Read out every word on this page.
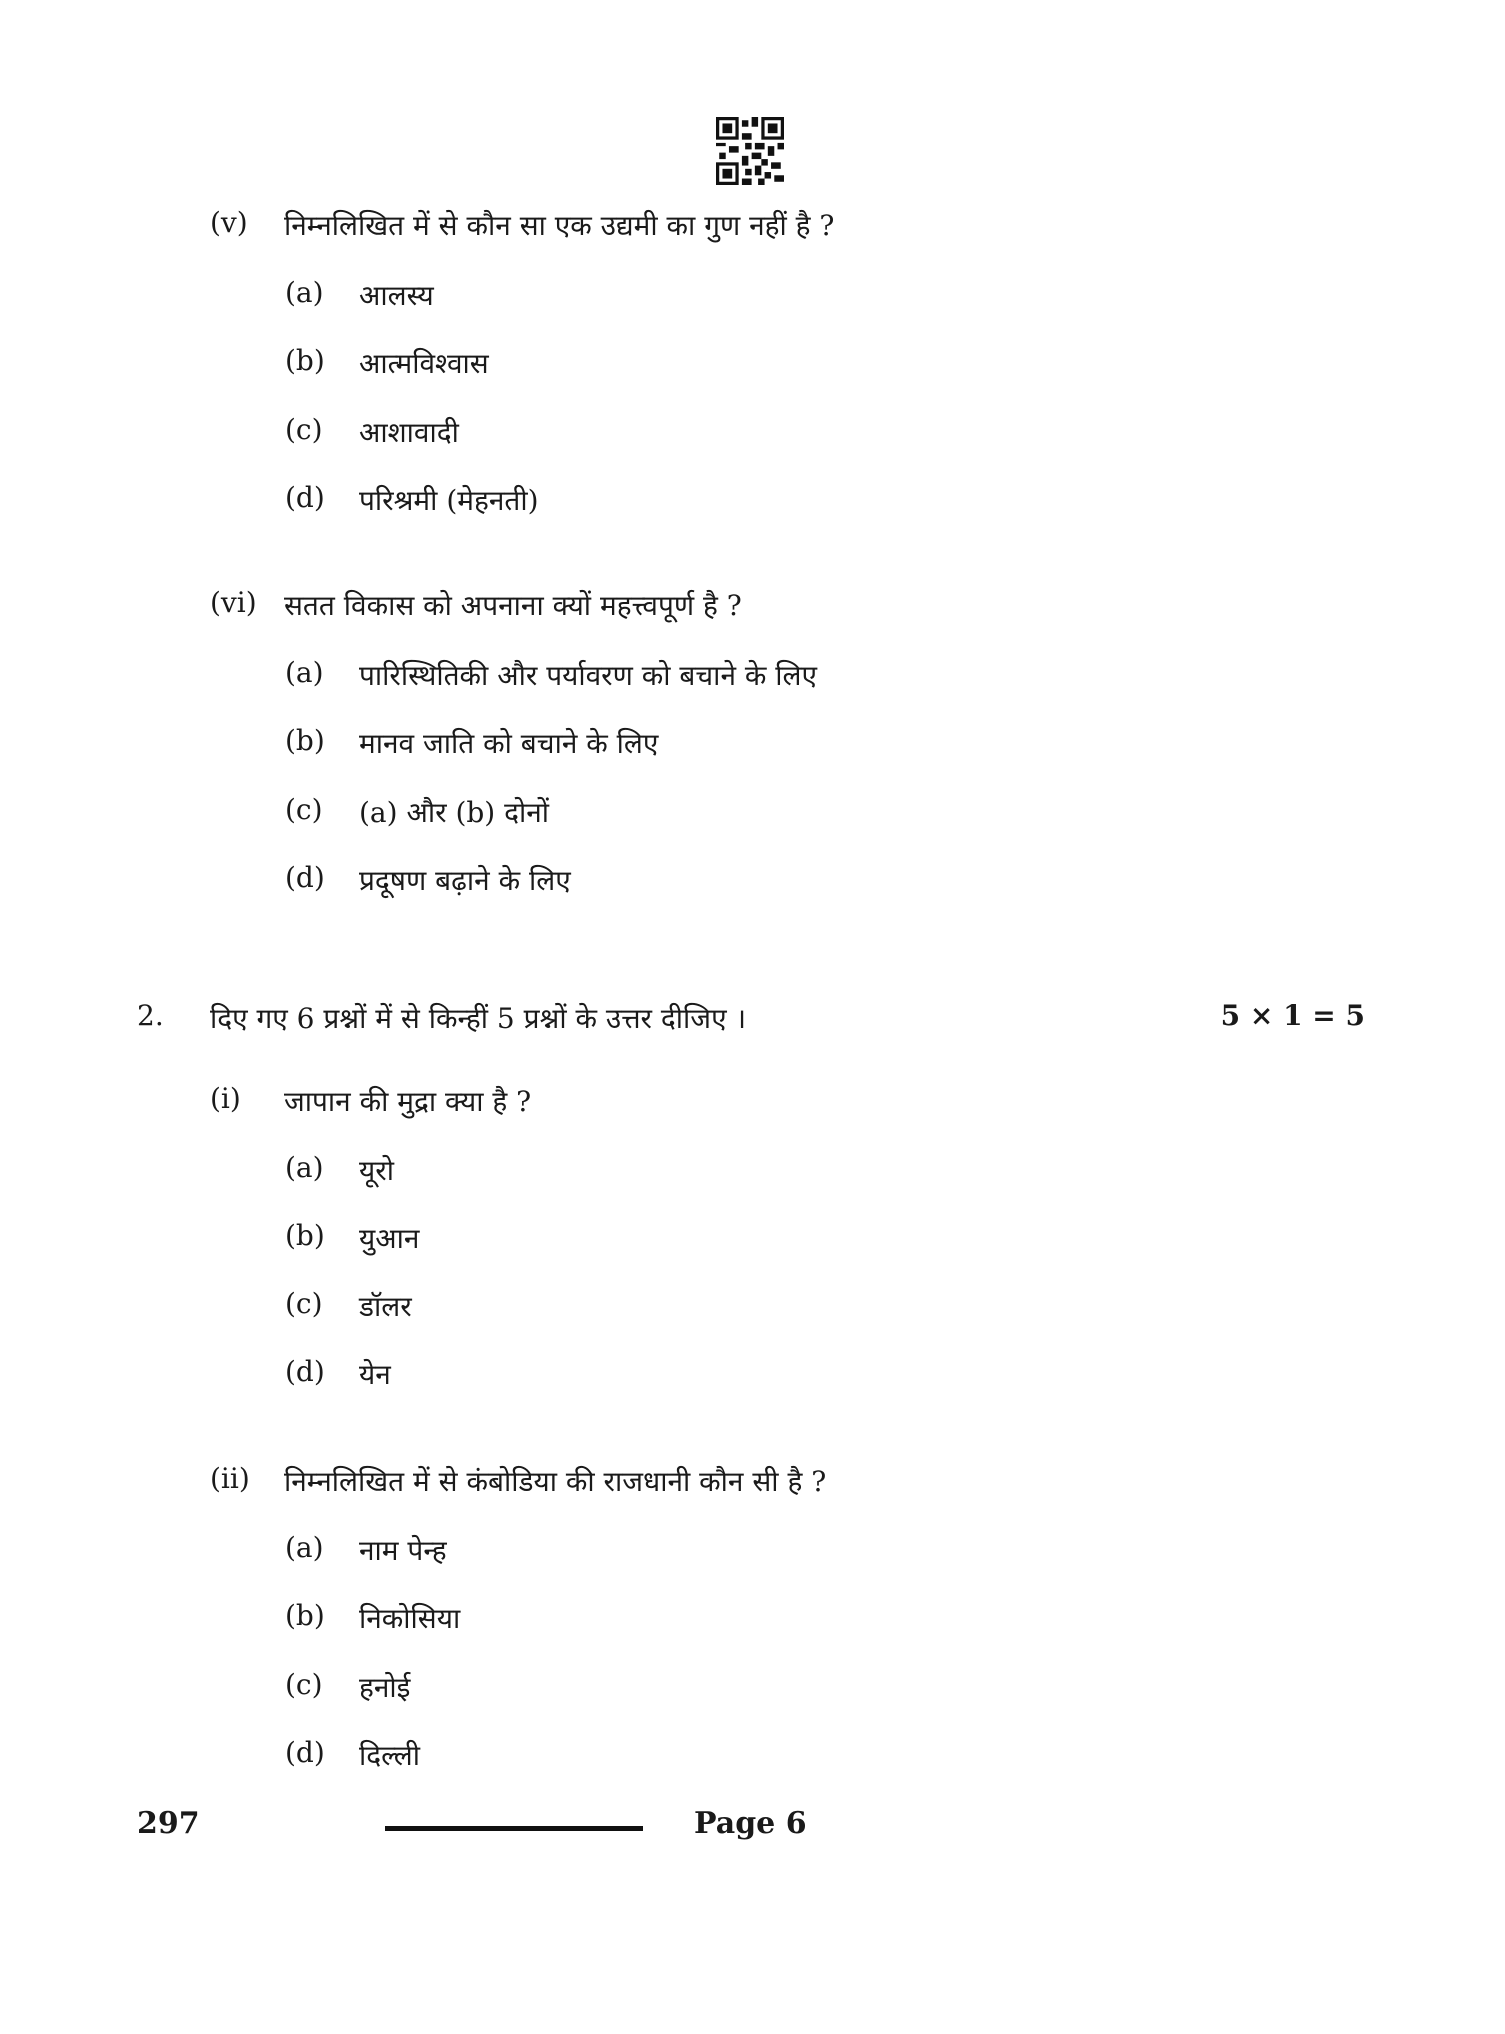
(v) निम्नलिखित में से कौन सा एक उद्यमी का गुण नहीं है ?
(a) आलस्य
(b) आत्मविश्वास
(c) आशावादी
(d) परिश्रमी (मेहनती)
(vi) सतत विकास को अपनाना क्यों महत्त्वपूर्ण है ?
(a) पारिस्थितिकी और पर्यावरण को बचाने के लिए
(b) मानव जाति को बचाने के लिए
(c) (a) और (b) दोनों
(d) प्रदूषण बढ़ाने के लिए
2. दिए गए 6 प्रश्नों में से किन्हीं 5 प्रश्नों के उत्तर दीजिए ।	5 × 1 = 5
(i) जापान की मुद्रा क्या है ?
(a) यूरो
(b) युआन
(c) डॉलर
(d) येन
(ii) निम्नलिखित में से कंबोडिया की राजधानी कौन सी है ?
(a) नाम पेन्ह
(b) निकोसिया
(c) हनोई
(d) दिल्ली
297	Page 6
